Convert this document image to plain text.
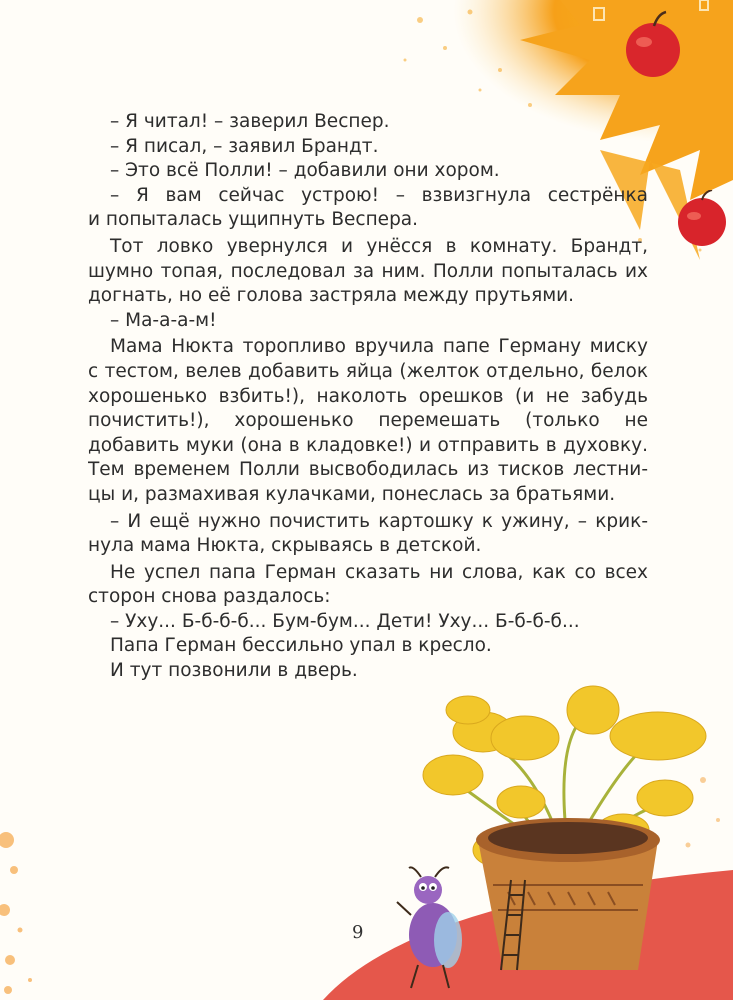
– Я читал! – заверил Веспер.
– Я писал, – заявил Брандт.
– Это всё Полли! – добавили они хором.
– Я вам сейчас устрою! – взвизгнула сестрёнка
и попыталась ущипнуть Веспера.
Тот ловко увернулся и унёсся в комнату. Брандт,
шумно топая, последовал за ним. Полли попыталась их
догнать, но её голова застряла между прутьями.
– Ма-а-а-м!
Мама Нюкта торопливо вручила папе Герману миску
с тестом, велев добавить яйца (желток отдельно, белок
хорошенько взбить!), наколоть орешков (и не забудь
почистить!), хорошенько перемешать (только не
добавить муки (она в кладовке!) и отправить в духовку.
Тем временем Полли высвободилась из тисков лестни-
цы и, размахивая кулачками, понеслась за братьями.
– И ещё нужно почистить картошку к ужину, – крик-
нула мама Нюкта, скрываясь в детской.
Не успел папа Герман сказать ни слова, как со всех
сторон снова раздалось:
– Уху... Б-б-б-б... Бум-бум... Дети! Уху... Б-б-б-б...
Папа Герман бессильно упал в кресло.
И тут позвонили в дверь.
9
